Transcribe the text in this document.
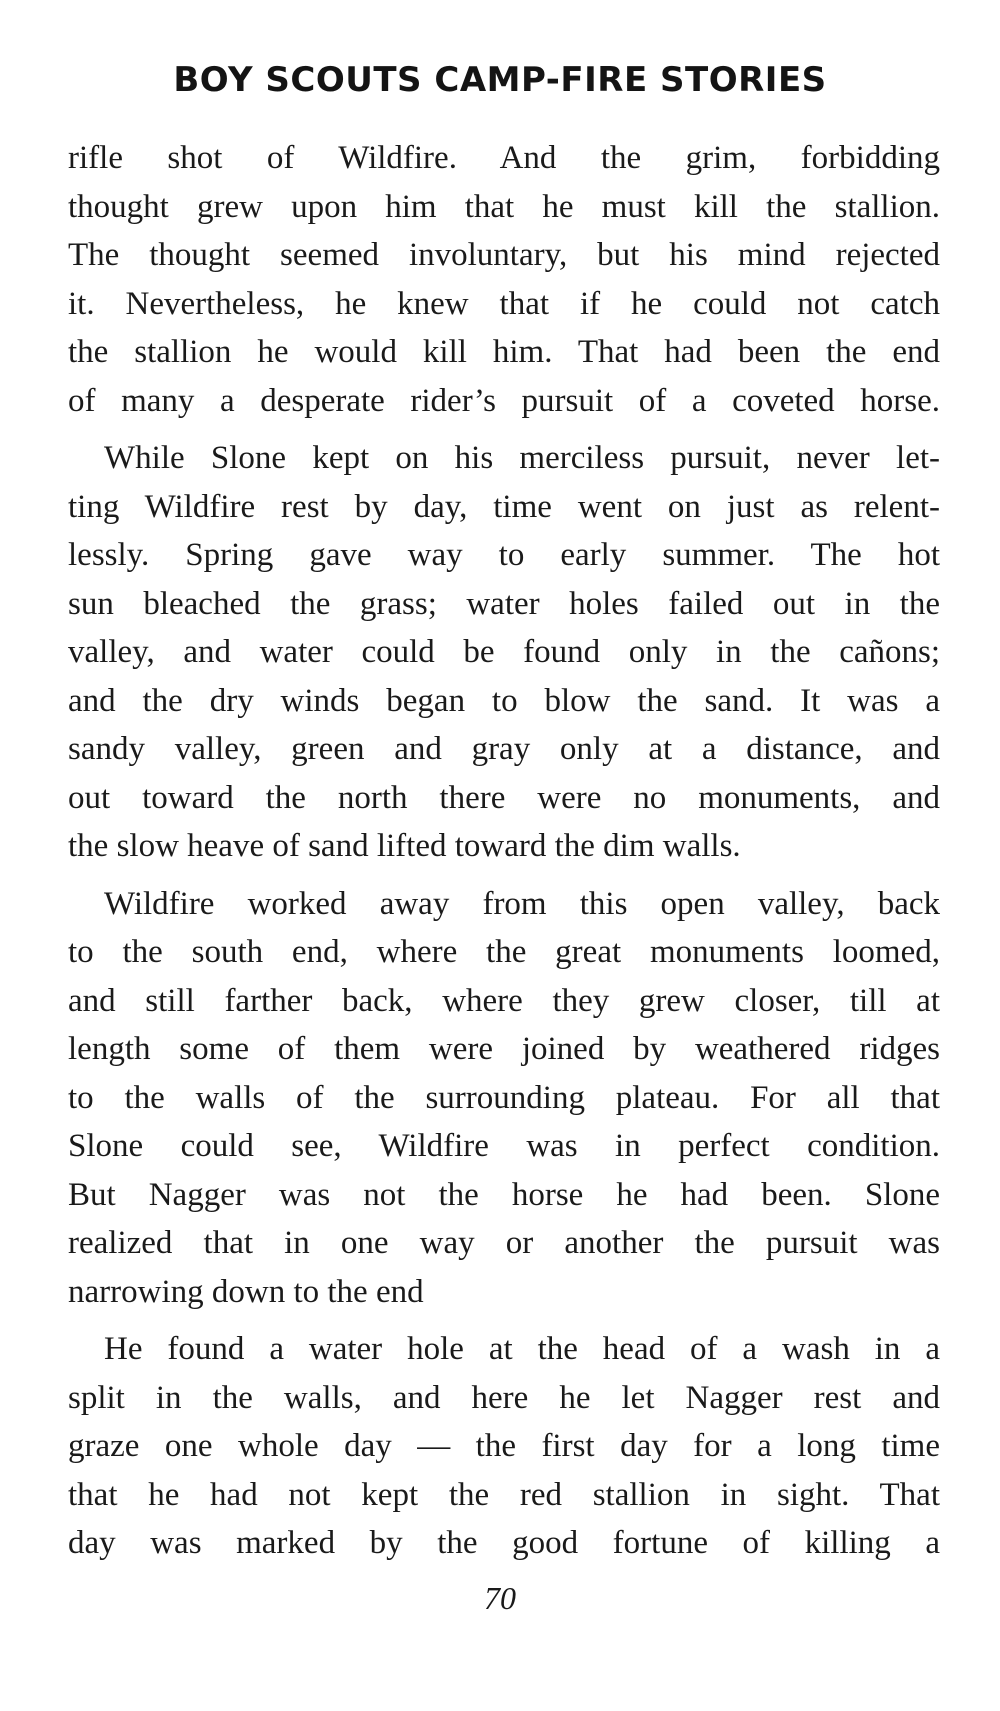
BOY SCOUTS CAMP-FIRE STORIES
rifle shot of Wildfire. And the grim, forbidding
thought grew upon him that he must kill the stallion.
The thought seemed involuntary, but his mind rejected
it. Nevertheless, he knew that if he could not catch
the stallion he would kill him. That had been the end
of many a desperate rider’s pursuit of a coveted horse.
While Slone kept on his merciless pursuit, never let-
ting Wildfire rest by day, time went on just as relent-
lessly. Spring gave way to early summer. The hot
sun bleached the grass; water holes failed out in the
valley, and water could be found only in the cañons;
and the dry winds began to blow the sand. It was a
sandy valley, green and gray only at a distance, and
out toward the north there were no monuments, and
the slow heave of sand lifted toward the dim walls.
Wildfire worked away from this open valley, back
to the south end, where the great monuments loomed,
and still farther back, where they grew closer, till at
length some of them were joined by weathered ridges
to the walls of the surrounding plateau. For all that
Slone could see, Wildfire was in perfect condition.
But Nagger was not the horse he had been. Slone
realized that in one way or another the pursuit was
narrowing down to the end
He found a water hole at the head of a wash in a
split in the walls, and here he let Nagger rest and
graze one whole day — the first day for a long time
that he had not kept the red stallion in sight. That
day was marked by the good fortune of killing a
70
